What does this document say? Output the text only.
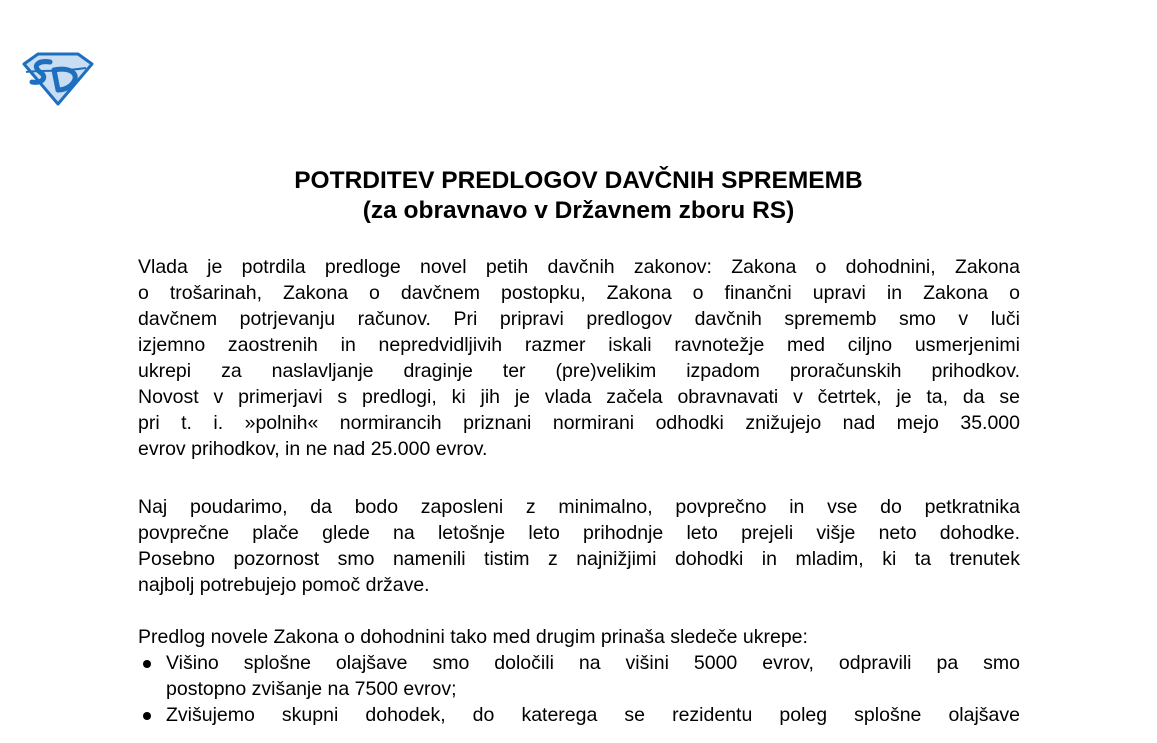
POTRDITEV PREDLOGOV DAVČNIH SPREMEMB
(za obravnavo v Državnem zboru RS)
Vlada je potrdila predloge novel petih davčnih zakonov: Zakona o dohodnini, Zakona
o trošarinah, Zakona o davčnem postopku, Zakona o finančni upravi in Zakona o
davčnem potrjevanju računov. Pri pripravi predlogov davčnih sprememb smo v luči
izjemno zaostrenih in nepredvidljivih razmer iskali ravnotežje med ciljno usmerjenimi
ukrepi za naslavljanje draginje ter (pre)velikim izpadom proračunskih prihodkov.
Novost v primerjavi s predlogi, ki jih je vlada začela obravnavati v četrtek, je ta, da se
pri t. i. »polnih« normirancih priznani normirani odhodki znižujejo nad mejo 35.000
evrov prihodkov, in ne nad 25.000 evrov.
Naj poudarimo, da bodo zaposleni z minimalno, povprečno in vse do petkratnika
povprečne plače glede na letošnje leto prihodnje leto prejeli višje neto dohodke.
Posebno pozornost smo namenili tistim z najnižjimi dohodki in mladim, ki ta trenutek
najbolj potrebujejo pomoč države.
Predlog novele Zakona o dohodnini tako med drugim prinaša sledeče ukrepe:
Višino splošne olajšave smo določili na višini 5000 evrov, odpravili pa smo
postopno zvišanje na 7500 evrov;
Zvišujemo skupni dohodek, do katerega se rezidentu poleg splošne olajšave
